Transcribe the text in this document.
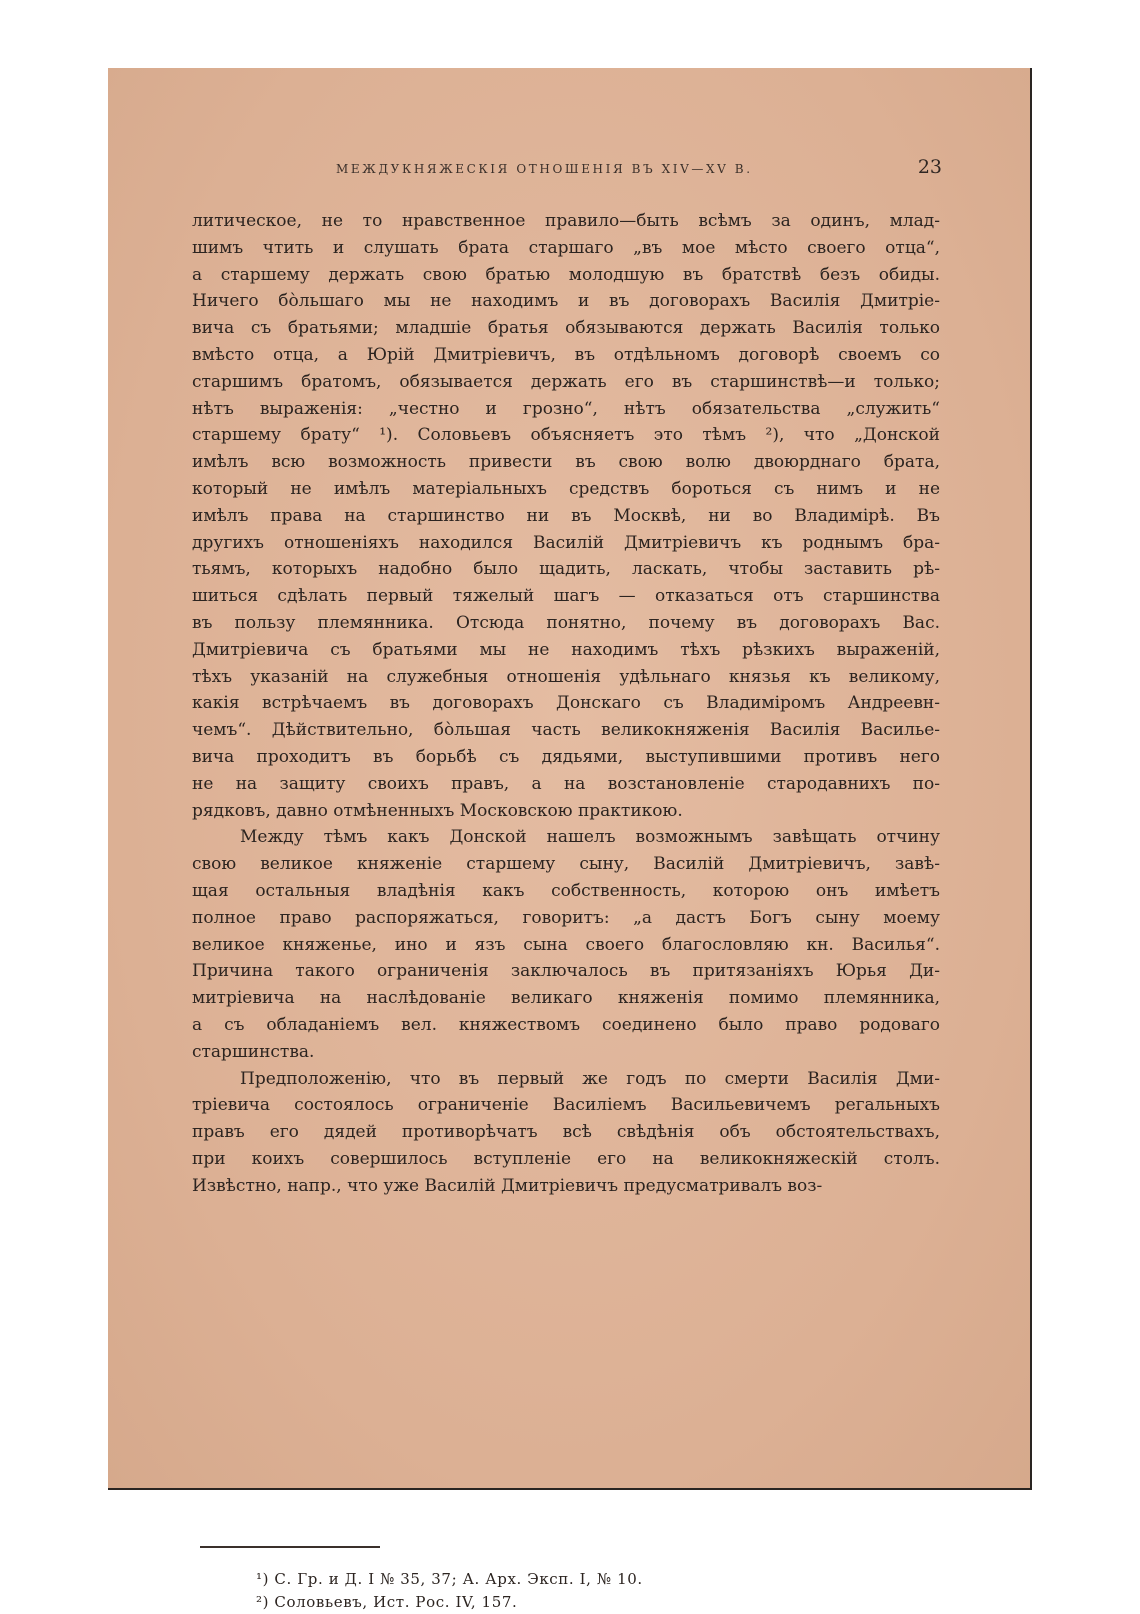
МЕЖДУКНЯЖЕСКІЯ ОТНОШЕНІЯ ВЪ XIV—XV В.	23
литическое, не то нравственное правило—быть всѣмъ за одинъ, млад-
шимъ чтить и слушать брата старшаго „въ мое мѣсто своего отца“,
а старшему держать свою братью молодшую въ братствѣ безъ обиды.
Ничего бо̀льшаго мы не находимъ и въ договорахъ Василія Дмитріе-
вича съ братьями; младшіе братья обязываются держать Василія только
вмѣсто отца, а Юрій Дмитріевичъ, въ отдѣльномъ договорѣ своемъ со
старшимъ братомъ, обязывается держать его въ старшинствѣ—и только;
нѣтъ выраженія: „честно и грозно“, нѣтъ обязательства „служить“
старшему брату“ ¹). Соловьевъ объясняетъ это тѣмъ ²), что „Донской
имѣлъ всю возможность привести въ свою волю двоюрднаго брата,
который не имѣлъ матеріальныхъ средствъ бороться съ нимъ и не
имѣлъ права на старшинство ни въ Москвѣ, ни во Владимірѣ. Въ
другихъ отношеніяхъ находился Василій Дмитріевичъ къ роднымъ бра-
тьямъ, которыхъ надобно было щадить, ласкать, чтобы заставить рѣ-
шиться сдѣлать первый тяжелый шагъ — отказаться отъ старшинства
въ пользу племянника. Отсюда понятно, почему въ договорахъ Вас.
Дмитріевича съ братьями мы не находимъ тѣхъ рѣзкихъ выраженій,
тѣхъ указаній на служебныя отношенія удѣльнаго князья къ великому,
какія встрѣчаемъ въ договорахъ Донскаго съ Владиміромъ Андреевн-
чемъ“. Дѣйствительно, бо̀льшая часть великокняженія Василія Василье-
вича проходитъ въ борьбѣ съ дядьями, выступившими противъ него
не на защиту своихъ правъ, а на возстановленіе стародавнихъ по-
рядковъ, давно отмѣненныхъ Московскою практикою.
Между тѣмъ какъ Донской нашелъ возможнымъ завѣщать отчину
свою великое княженіе старшему сыну, Василій Дмитріевичъ, завѣ-
щая остальныя владѣнія какъ собственность, которою онъ имѣетъ
полное право распоряжаться, говоритъ: „а дастъ Богъ сыну моему
великое княженье, ино и язъ сына своего благословляю кн. Василья“.
Причина такого ограниченія заключалось въ притязаніяхъ Юрья Ди-
митріевича на наслѣдованіе великаго княженія помимо племянника,
а съ обладаніемъ вел. княжествомъ соединено было право родоваго
старшинства.
Предположенію, что въ первый же годъ по смерти Василія Дми-
тріевича состоялось ограниченіе Василіемъ Васильевичемъ регальныхъ
правъ его дядей противорѣчатъ всѣ свѣдѣнія объ обстоятельствахъ,
при коихъ совершилось вступленіе его на великокняжескій столъ.
Извѣстно, напр., что уже Василій Дмитріевичъ предусматривалъ воз-
¹) С. Гр. и Д. I № 35, 37; А. Арх. Экcп. I, № 10.
²) Соловьевъ, Ист. Рос. IV, 157.
